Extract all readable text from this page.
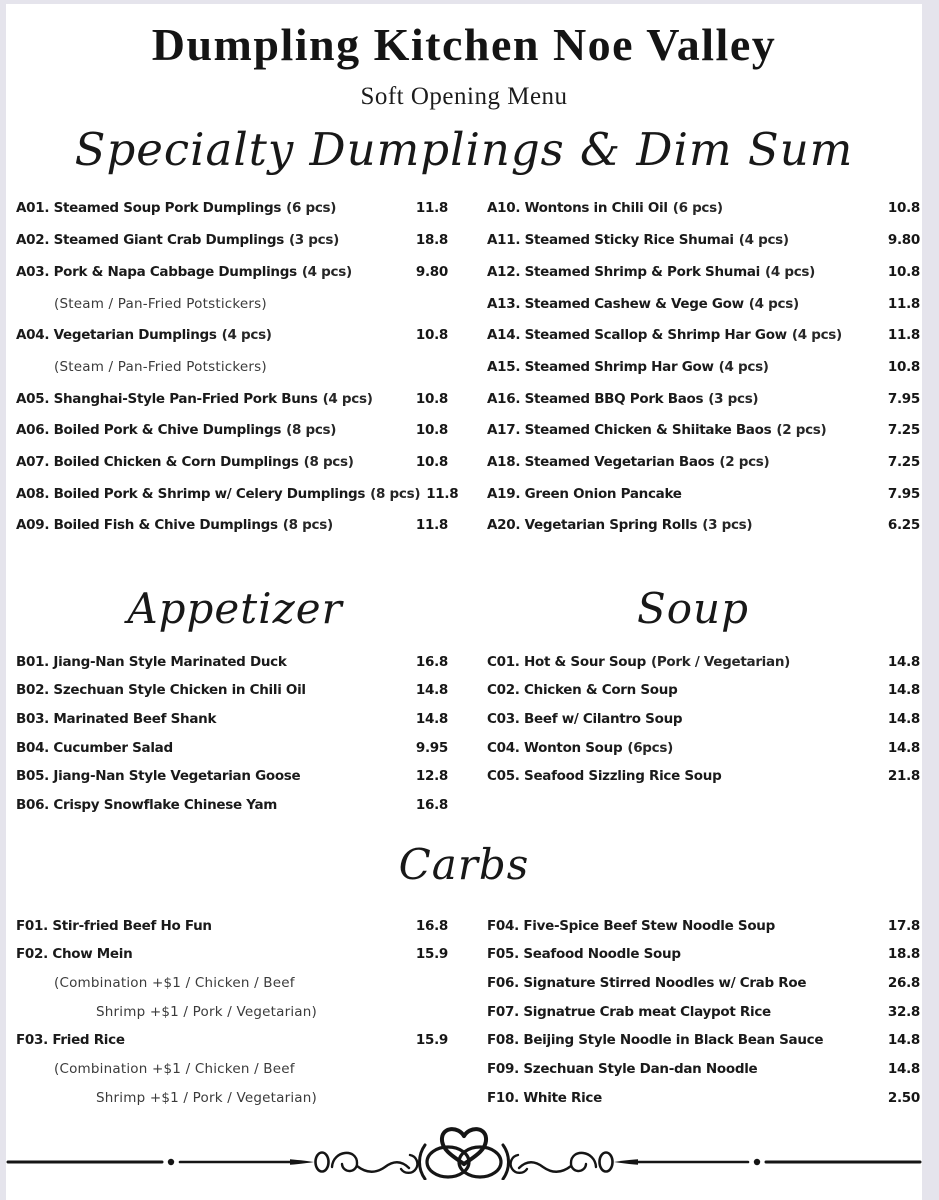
Dumpling Kitchen Noe Valley
Soft Opening Menu
Specialty Dumplings & Dim Sum
A01. Steamed Soup Pork Dumplings (6 pcs)	11.8
A02. Steamed Giant Crab Dumplings (3 pcs)	18.8
A03. Pork & Napa Cabbage Dumplings (4 pcs)	9.80
(Steam / Pan-Fried Potstickers)
A04. Vegetarian Dumplings (4 pcs)	10.8
(Steam / Pan-Fried Potstickers)
A05. Shanghai-Style Pan-Fried Pork Buns (4 pcs)	10.8
A06. Boiled Pork & Chive Dumplings (8 pcs)	10.8
A07. Boiled Chicken & Corn Dumplings (8 pcs)	10.8
A08. Boiled Pork & Shrimp w/ Celery Dumplings (8 pcs) 11.8
A09. Boiled Fish & Chive Dumplings (8 pcs)	11.8
A10. Wontons in Chili Oil (6 pcs)	10.8
A11. Steamed Sticky Rice Shumai (4 pcs)	9.80
A12. Steamed Shrimp & Pork Shumai (4 pcs)	10.8
A13. Steamed Cashew & Vege Gow (4 pcs)	11.8
A14. Steamed Scallop & Shrimp Har Gow (4 pcs)	11.8
A15. Steamed Shrimp Har Gow (4 pcs)	10.8
A16. Steamed BBQ Pork Baos (3 pcs)	7.95
A17. Steamed Chicken & Shiitake Baos (2 pcs)	7.25
A18. Steamed Vegetarian Baos (2 pcs)	7.25
A19. Green Onion Pancake	7.95
A20. Vegetarian Spring Rolls (3 pcs)	6.25
Appetizer	Soup
B01. Jiang-Nan Style Marinated Duck	16.8
B02. Szechuan Style Chicken in Chili Oil	14.8
B03. Marinated Beef Shank	14.8
B04. Cucumber Salad	9.95
B05. Jiang-Nan Style Vegetarian Goose	12.8
B06. Crispy Snowflake Chinese Yam	16.8
C01. Hot & Sour Soup (Pork / Vegetarian)	14.8
C02. Chicken & Corn Soup	14.8
C03. Beef w/ Cilantro Soup	14.8
C04. Wonton Soup (6pcs)	14.8
C05. Seafood Sizzling Rice Soup	21.8
Carbs
F01. Stir-fried Beef Ho Fun	16.8
F02. Chow Mein	15.9
(Combination +$1 / Chicken / Beef
Shrimp +$1 / Pork / Vegetarian)
F03. Fried Rice	15.9
(Combination +$1 / Chicken / Beef
Shrimp +$1 / Pork / Vegetarian)
F04. Five-Spice Beef Stew Noodle Soup	17.8
F05. Seafood Noodle Soup	18.8
F06. Signature Stirred Noodles w/ Crab Roe	26.8
F07. Signatrue Crab meat Claypot Rice	32.8
F08. Beijing Style Noodle in Black Bean Sauce	14.8
F09. Szechuan Style Dan-dan Noodle	14.8
F10. White Rice	2.50
